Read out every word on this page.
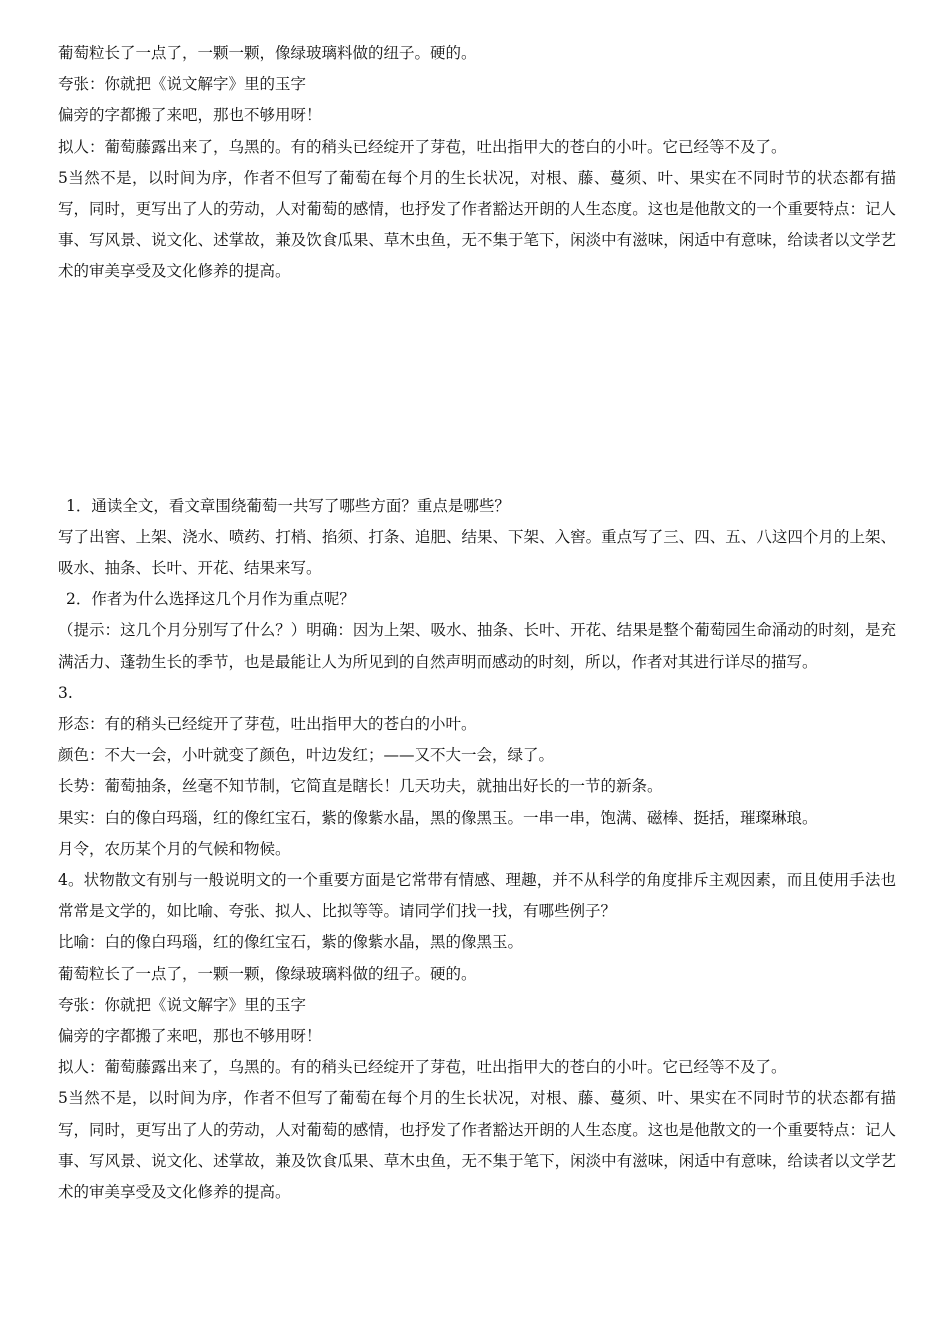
葡萄粒长了一点了，一颗一颗，像绿玻璃料做的纽子。硬的。

夸张：你就把《说文解字》里的玉字

偏旁的字都搬了来吧，那也不够用呀！

拟人：葡萄藤露出来了，乌黑的。有的稍头已经绽开了芽苞，吐出指甲大的苍白的小叶。它已经等不及了。

5当然不是，以时间为序，作者不但写了葡萄在每个月的生长状况，对根、藤、蔓须、叶、果实在不同时节的状态都有描写，同时，更写出了人的劳动，人对葡萄的感情，也抒发了作者豁达开朗的人生态度。这也是他散文的一个重要特点：记人事、写风景、说文化、述掌故，兼及饮食瓜果、草木虫鱼，无不集于笔下，闲淡中有滋味，闲适中有意味，给读者以文学艺术的审美享受及文化修养的提高。

1．通读全文，看文章围绕葡萄一共写了哪些方面？重点是哪些？

写了出窖、上架、浇水、喷药、打梢、掐须、打条、追肥、结果、下架、入窖。重点写了三、四、五、八这四个月的上架、吸水、抽条、长叶、开花、结果来写。

2．作者为什么选择这几个月作为重点呢？

（提示：这几个月分别写了什么？）明确：因为上架、吸水、抽条、长叶、开花、结果是整个葡萄园生命涌动的时刻，是充满活力、蓬勃生长的季节，也是最能让人为所见到的自然声明而感动的时刻，所以，作者对其进行详尽的描写。

3.

形态：有的稍头已经绽开了芽苞，吐出指甲大的苍白的小叶。

颜色：不大一会，小叶就变了颜色，叶边发红；——又不大一会，绿了。

长势：葡萄抽条，丝毫不知节制，它简直是瞎长！几天功夫，就抽出好长的一节的新条。

果实：白的像白玛瑙，红的像红宝石，紫的像紫水晶，黑的像黑玉。一串一串，饱满、磁棒、挺括，璀璨琳琅。

月令，农历某个月的气候和物候。

4。状物散文有别与一般说明文的一个重要方面是它常带有情感、理趣，并不从科学的角度排斥主观因素，而且使用手法也常常是文学的，如比喻、夸张、拟人、比拟等等。请同学们找一找，有哪些例子？

比喻：白的像白玛瑙，红的像红宝石，紫的像紫水晶，黑的像黑玉。

葡萄粒长了一点了，一颗一颗，像绿玻璃料做的纽子。硬的。

夸张：你就把《说文解字》里的玉字

偏旁的字都搬了来吧，那也不够用呀！

拟人：葡萄藤露出来了，乌黑的。有的稍头已经绽开了芽苞，吐出指甲大的苍白的小叶。它已经等不及了。

5当然不是，以时间为序，作者不但写了葡萄在每个月的生长状况，对根、藤、蔓须、叶、果实在不同时节的状态都有描写，同时，更写出了人的劳动，人对葡萄的感情，也抒发了作者豁达开朗的人生态度。这也是他散文的一个重要特点：记人事、写风景、说文化、述掌故，兼及饮食瓜果、草木虫鱼，无不集于笔下，闲淡中有滋味，闲适中有意味，给读者以文学艺术的审美享受及文化修养的提高。
